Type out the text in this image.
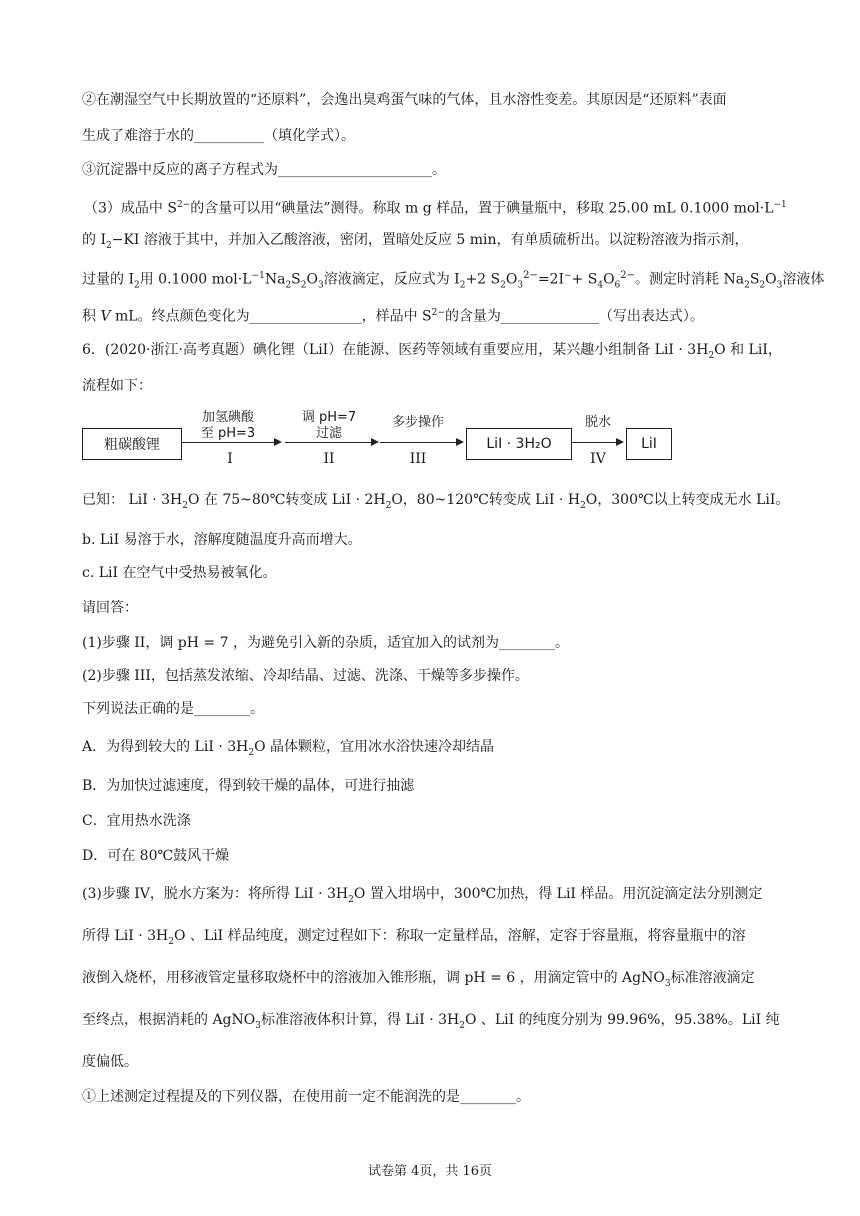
②在潮湿空气中长期放置的“还原料”，会逸出臭鸡蛋气味的气体，且水溶性变差。其原因是“还原料”表面
生成了难溶于水的__________（填化学式）。
③沉淀器中反应的离子方程式为______________________。
（3）成品中 $S^{2-}$的含量可以用“碘量法”测得。称取 m g 样品，置于碘量瓶中，移取 25.00 mL 0.1000 $mol\cdot L^{-1}$
的 $I_2-KI$ 溶液于其中，并加入乙酸溶液，密闭，置暗处反应 5 min，有单质硫析出。以淀粉溶液为指示剂，
过量的 $I_2$用 0.1000 $mol\cdot L^{-1}Na_2S_2O_3$溶液滴定，反应式为 $I_2+2$ $S_2O_3^{2-}=2I^-+ S_4O_6^{2-}$。测定时消耗 $Na_2S_2O_3$溶液体
积 V mL。终点颜色变化为________________，样品中 $S^{2-}$的含量为______________（写出表达式）。
6．(2020·浙江·高考真题）碘化锂（LiI）在能源、医药等领域有重要应用，某兴趣小组制备 LiI · $3H_2O$ 和 LiI，
流程如下：
粗碳酸锂
加氢碘酸
至 pH=3
I
调 pH=7
过滤
II
多步操作
III
LiI · 3H₂O
脱水
IV
LiI
已知： LiI · $3H_2O$ 在 75~80℃转变成 LiI · $2H_2O$，80~120℃转变成 LiI · $H_2O$，300℃以上转变成无水 LiI。
b. LiI 易溶于水，溶解度随温度升高而增大。
c. LiI 在空气中受热易被氧化。
请回答：
(1)步骤 II，调 pH = 7 ，为避免引入新的杂质，适宜加入的试剂为________。
(2)步骤 III，包括蒸发浓缩、冷却结晶、过滤、洗涤、干燥等多步操作。
下列说法正确的是________。
A．为得到较大的 LiI · $3H_2O$ 晶体颗粒，宜用冰水浴快速冷却结晶
B．为加快过滤速度，得到较干燥的晶体，可进行抽滤
C．宜用热水洗涤
D．可在 80℃鼓风干燥
(3)步骤 IV，脱水方案为：将所得 LiI · $3H_2O$ 置入坩埚中，300℃加热，得 LiI 样品。用沉淀滴定法分别测定
所得 LiI · $3H_2O$ 、LiI 样品纯度，测定过程如下：称取一定量样品，溶解，定容于容量瓶，将容量瓶中的溶
液倒入烧杯，用移液管定量移取烧杯中的溶液加入锥形瓶，调 pH = 6 ，用滴定管中的 AgNO$_3$标准溶液滴定
至终点，根据消耗的 AgNO$_3$标准溶液体积计算，得 LiI · $3H_2O$ 、LiI 的纯度分别为 99.96%，95.38%。LiI 纯
度偏低。
①上述测定过程提及的下列仪器，在使用前一定不能润洗的是________。
试卷第 4页，共 16页
